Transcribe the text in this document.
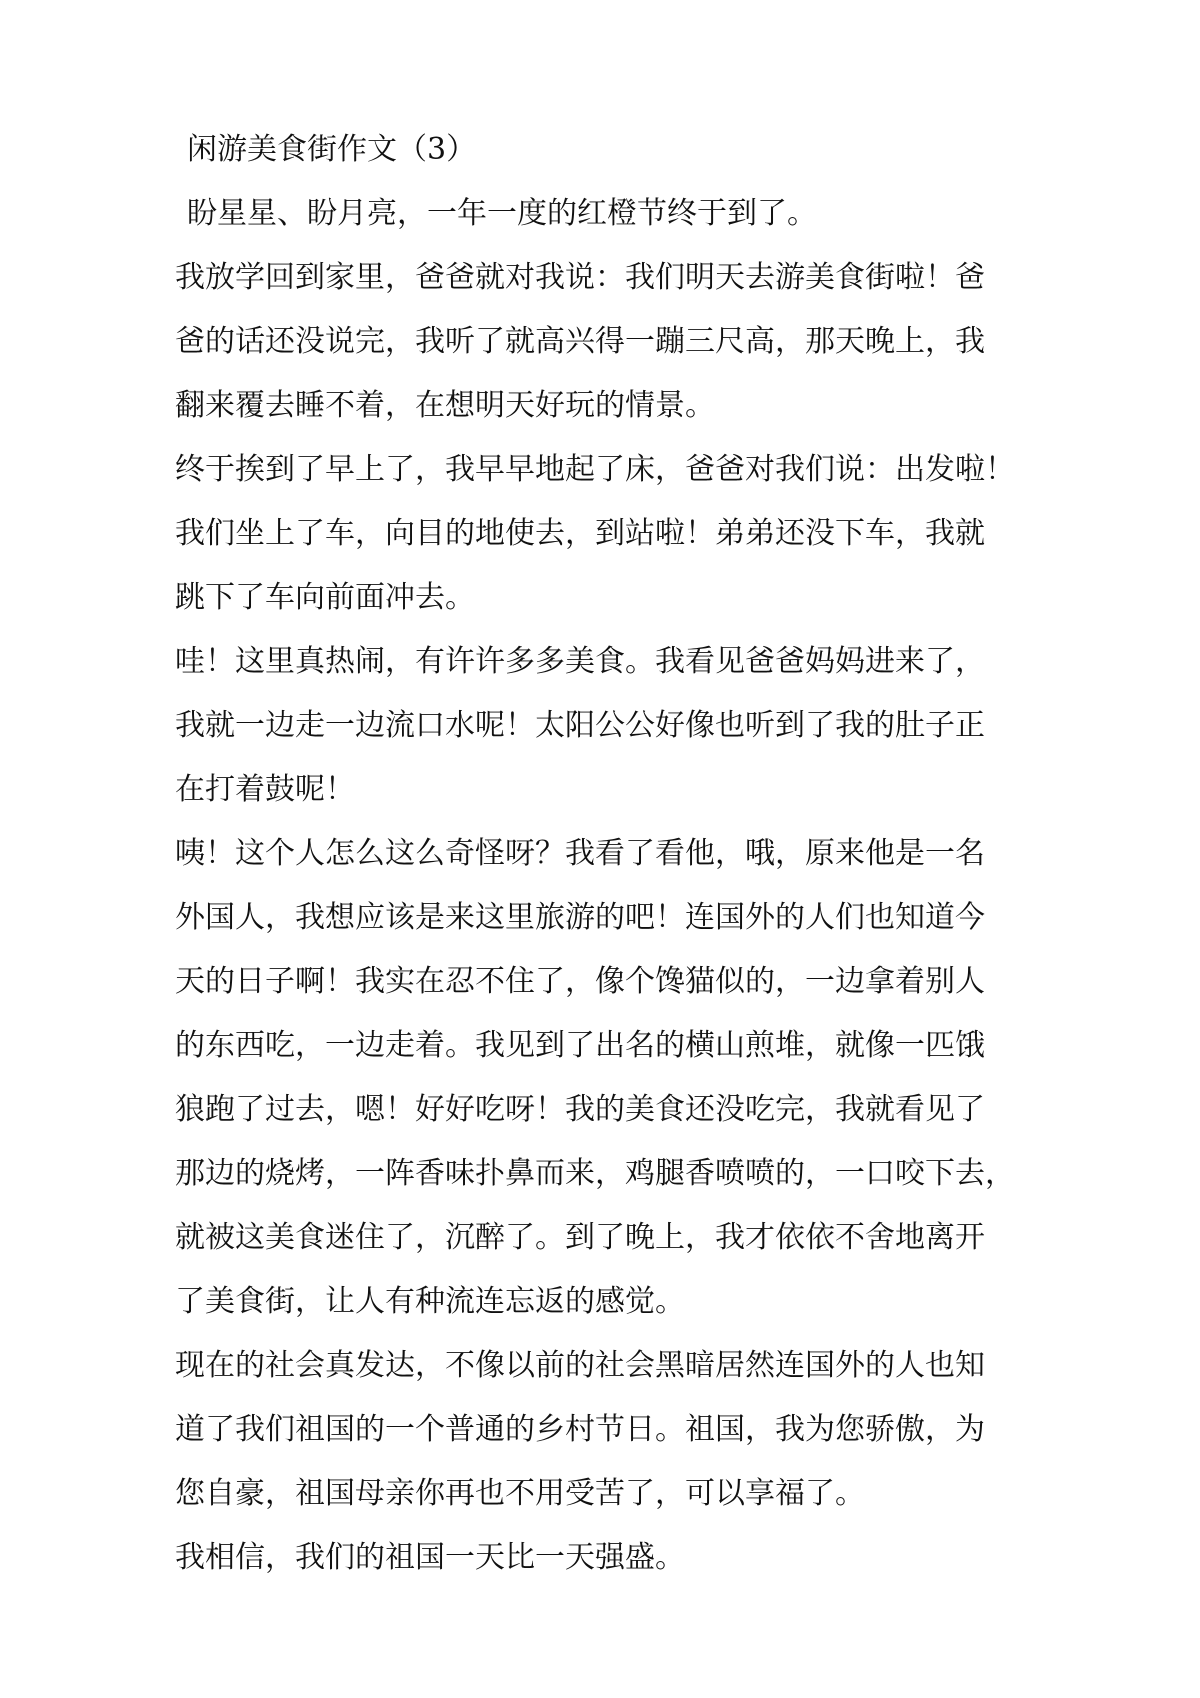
闲游美食街作文（3）
盼星星、盼月亮，一年一度的红橙节终于到了。
我放学回到家里，爸爸就对我说：我们明天去游美食街啦！爸
爸的话还没说完，我听了就高兴得一蹦三尺高，那天晚上，我
翻来覆去睡不着，在想明天好玩的情景。
终于挨到了早上了，我早早地起了床，爸爸对我们说：出发啦！
我们坐上了车，向目的地使去，到站啦！弟弟还没下车，我就
跳下了车向前面冲去。
哇！这里真热闹，有许许多多美食。我看见爸爸妈妈进来了，
我就一边走一边流口水呢！太阳公公好像也听到了我的肚子正
在打着鼓呢！
咦！这个人怎么这么奇怪呀？我看了看他，哦，原来他是一名
外国人，我想应该是来这里旅游的吧！连国外的人们也知道今
天的日子啊！我实在忍不住了，像个馋猫似的，一边拿着别人
的东西吃，一边走着。我见到了出名的横山煎堆，就像一匹饿
狼跑了过去，嗯！好好吃呀！我的美食还没吃完，我就看见了
那边的烧烤，一阵香味扑鼻而来，鸡腿香喷喷的，一口咬下去，
就被这美食迷住了，沉醉了。到了晚上，我才依依不舍地离开
了美食街，让人有种流连忘返的感觉。
现在的社会真发达，不像以前的社会黑暗居然连国外的人也知
道了我们祖国的一个普通的乡村节日。祖国，我为您骄傲，为
您自豪，祖国母亲你再也不用受苦了，可以享福了。
我相信，我们的祖国一天比一天强盛。
